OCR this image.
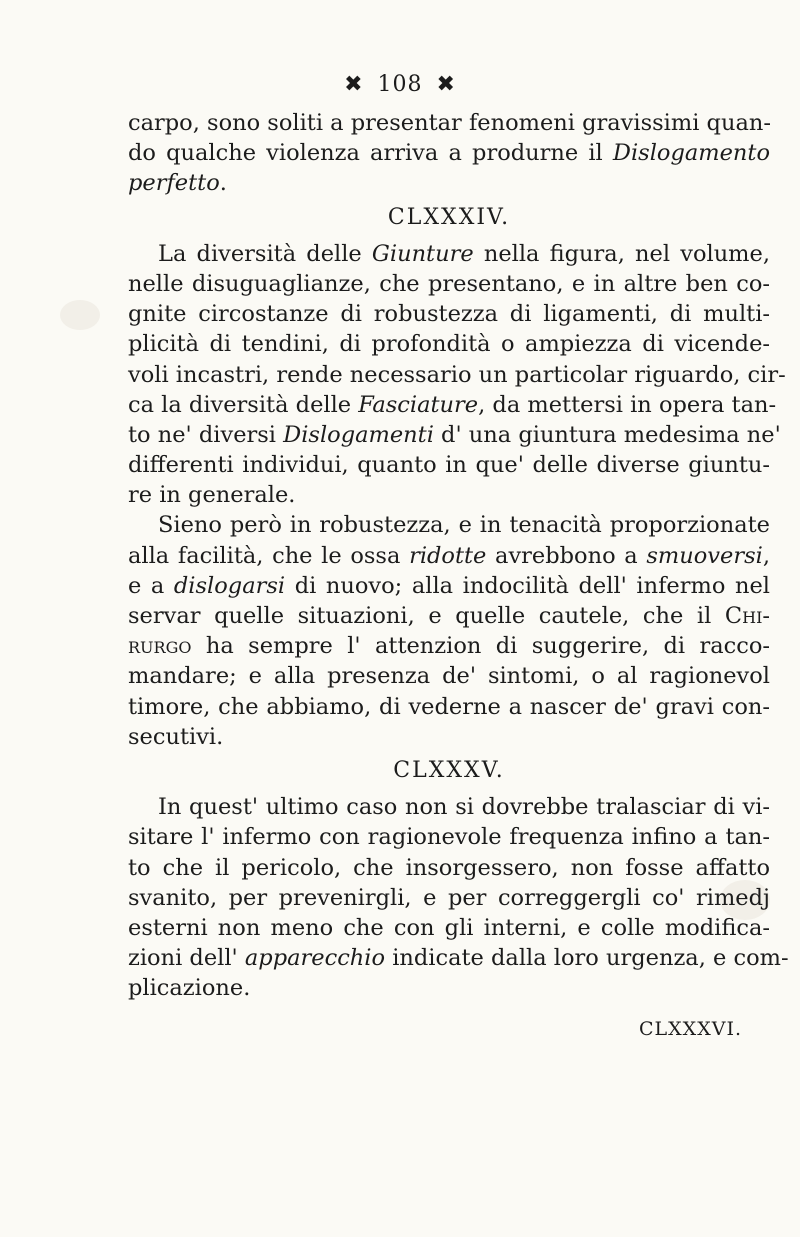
✖ 108 ✖
carpo, sono soliti a presentar fenomeni gravissimi quan-
do qualche violenza arriva a produrne il Dislogamento
perfetto.
CLXXXIV.
La diversità delle Giunture nella figura, nel volume,
nelle disuguaglianze, che presentano, e in altre ben co-
gnite circostanze di robustezza di ligamenti, di multi-
plicità di tendini, di profondità o ampiezza di vicende-
voli incastri, rende necessario un particolar riguardo, cir-
ca la diversità delle Fasciature, da mettersi in opera tan-
to ne' diversi Dislogamenti d' una giuntura medesima ne'
differenti individui, quanto in que' delle diverse giuntu-
re in generale.
Sieno però in robustezza, e in tenacità proporzionate
alla facilità, che le ossa ridotte avrebbono a smuoversi,
e a dislogarsi di nuovo; alla indocilità dell' infermo nel
servar quelle situazioni, e quelle cautele, che il Chi-
rurgo ha sempre l' attenzion di suggerire, di racco-
mandare; e alla presenza de' sintomi, o al ragionevol
timore, che abbiamo, di vederne a nascer de' gravi con-
secutivi.
CLXXXV.
In quest' ultimo caso non si dovrebbe tralasciar di vi-
sitare l' infermo con ragionevole frequenza infino a tan-
to che il pericolo, che insorgessero, non fosse affatto
svanito, per prevenirgli, e per correggergli co' rimedj
esterni non meno che con gli interni, e colle modifica-
zioni dell' apparecchio indicate dalla loro urgenza, e com-
plicazione.
CLXXXVI.
